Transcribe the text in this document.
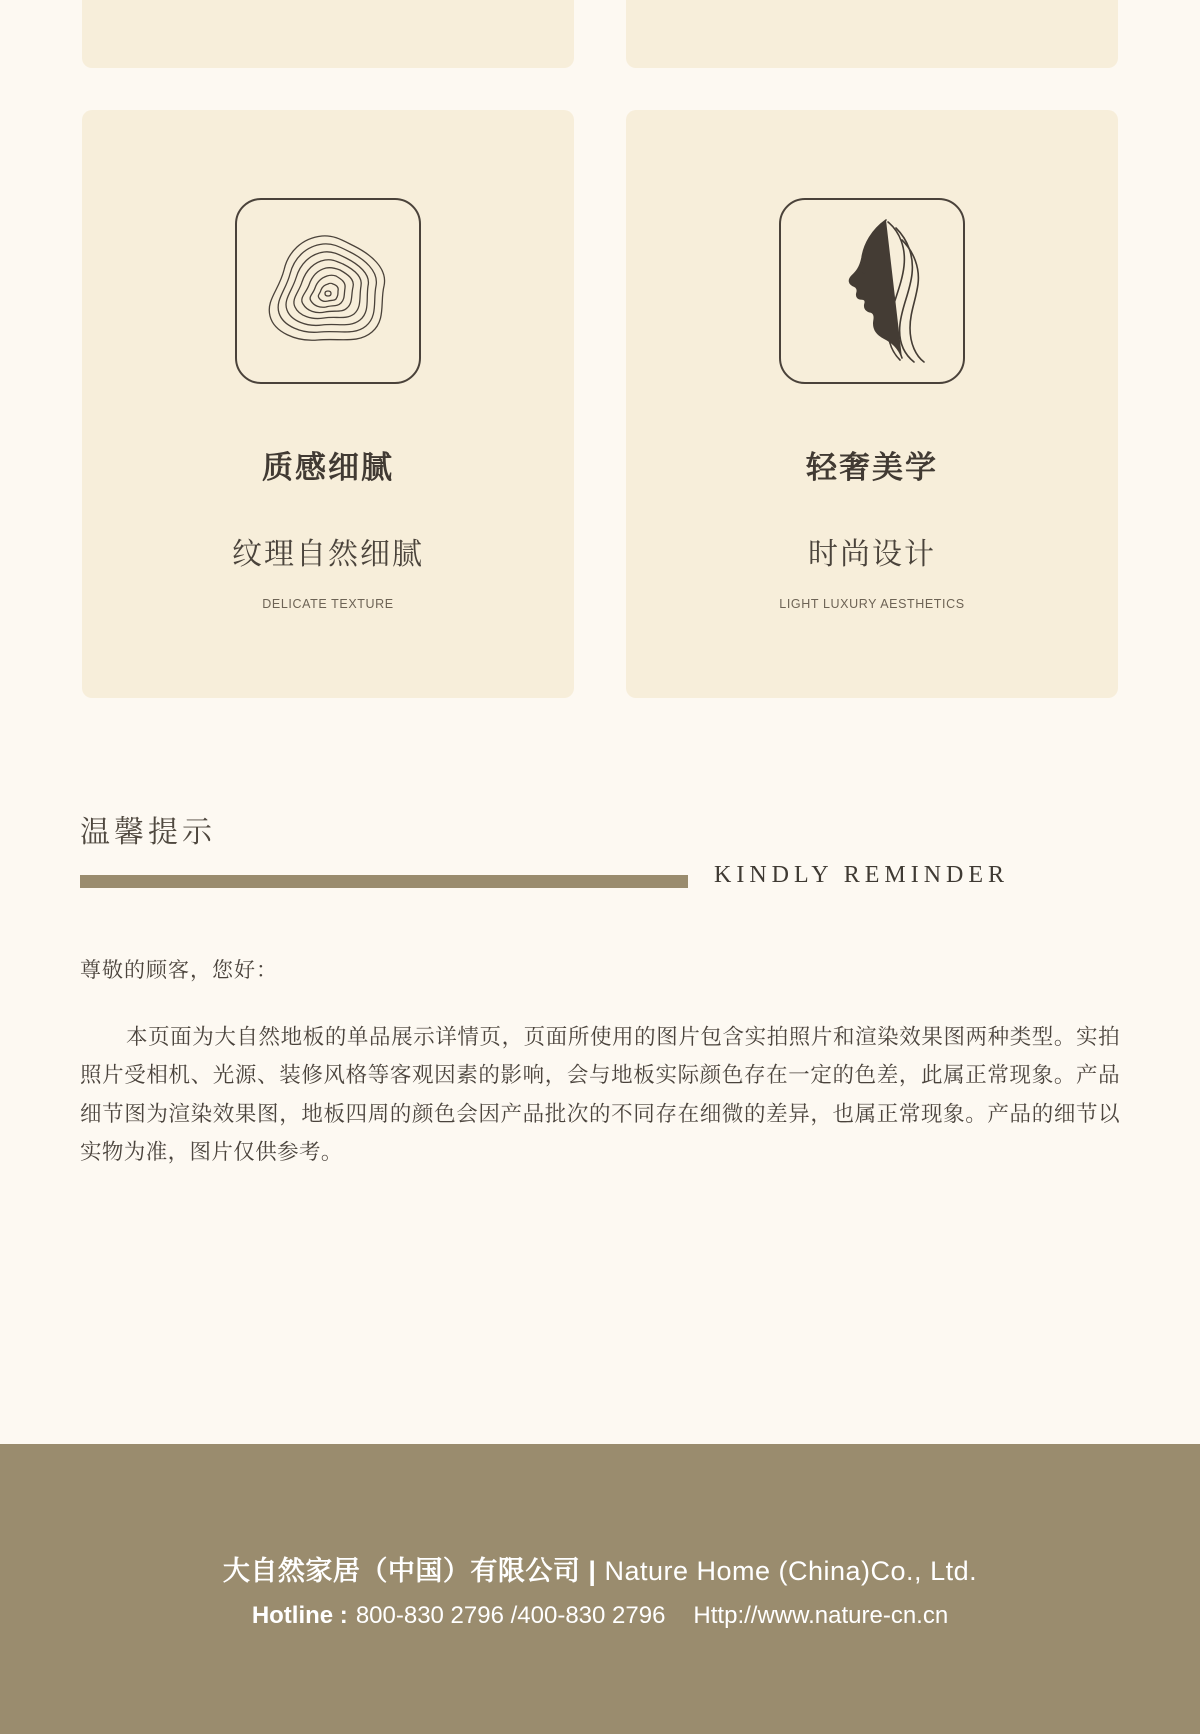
质感细腻
纹理自然细腻
DELICATE TEXTURE
轻奢美学
时尚设计
LIGHT LUXURY AESTHETICS
温馨提示
KINDLY REMINDER
尊敬的顾客，您好：
本页面为大自然地板的单品展示详情页，页面所使用的图片包含实拍照片和渲染效果图两种类型。实拍照片受相机、光源、装修风格等客观因素的影响，会与地板实际颜色存在一定的色差，此属正常现象。产品细节图为渲染效果图，地板四周的颜色会因产品批次的不同存在细微的差异，也属正常现象。产品的细节以实物为准，图片仅供参考。
大自然家居（中国）有限公司 | Nature Home (China)Co., Ltd.
Hotline : 800-830 2796 /400-830 2796 Http://www.nature-cn.cn
